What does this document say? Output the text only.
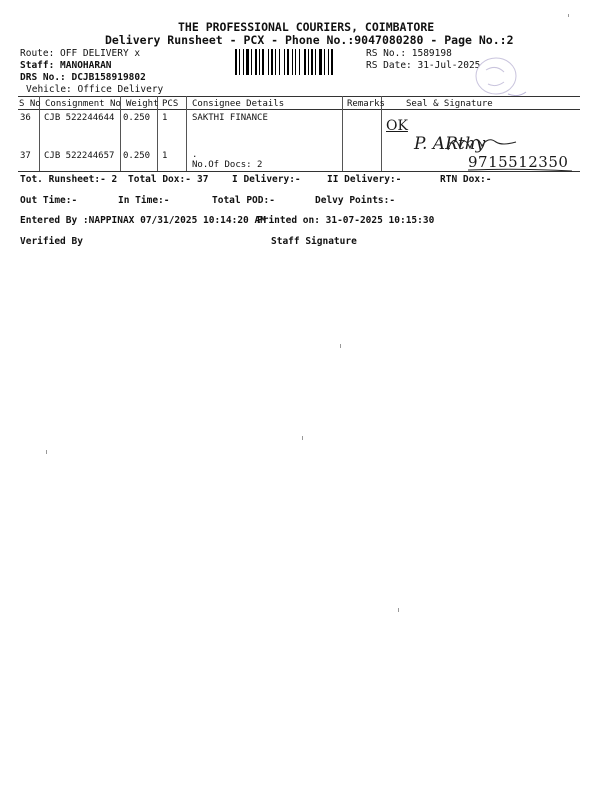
THE PROFESSIONAL COURIERS, COIMBATORE
Delivery Runsheet - PCX - Phone No.:9047080280 - Page No.:2
Route: OFF DELIVERY x
Staff: MANOHARAN
DRS No.: DCJB158919802
Vehicle: Office Delivery
RS No.: 1589198
RS Date: 31-Jul-2025
S No Consignment No Weight PCS Consignee Details	Remarks Seal & Signature
36 CJB 522244644 0.250 1	SAKTHI FINANCE
37 CJB 522244657 0.250 1	.
No.Of Docs: 2
OK
P. ARthy
9715512350
Tot. Runsheet:- 2 Total Dox:- 37 I Delivery:-	II Delivery:-	RTN Dox:-
Out Time:-	In Time:-	Total POD:-	Delvy Points:-
Entered By :NAPPINAX 07/31/2025 10:14:20 AM
Printed on: 31-07-2025 10:15:30
Verified By	Staff Signature
